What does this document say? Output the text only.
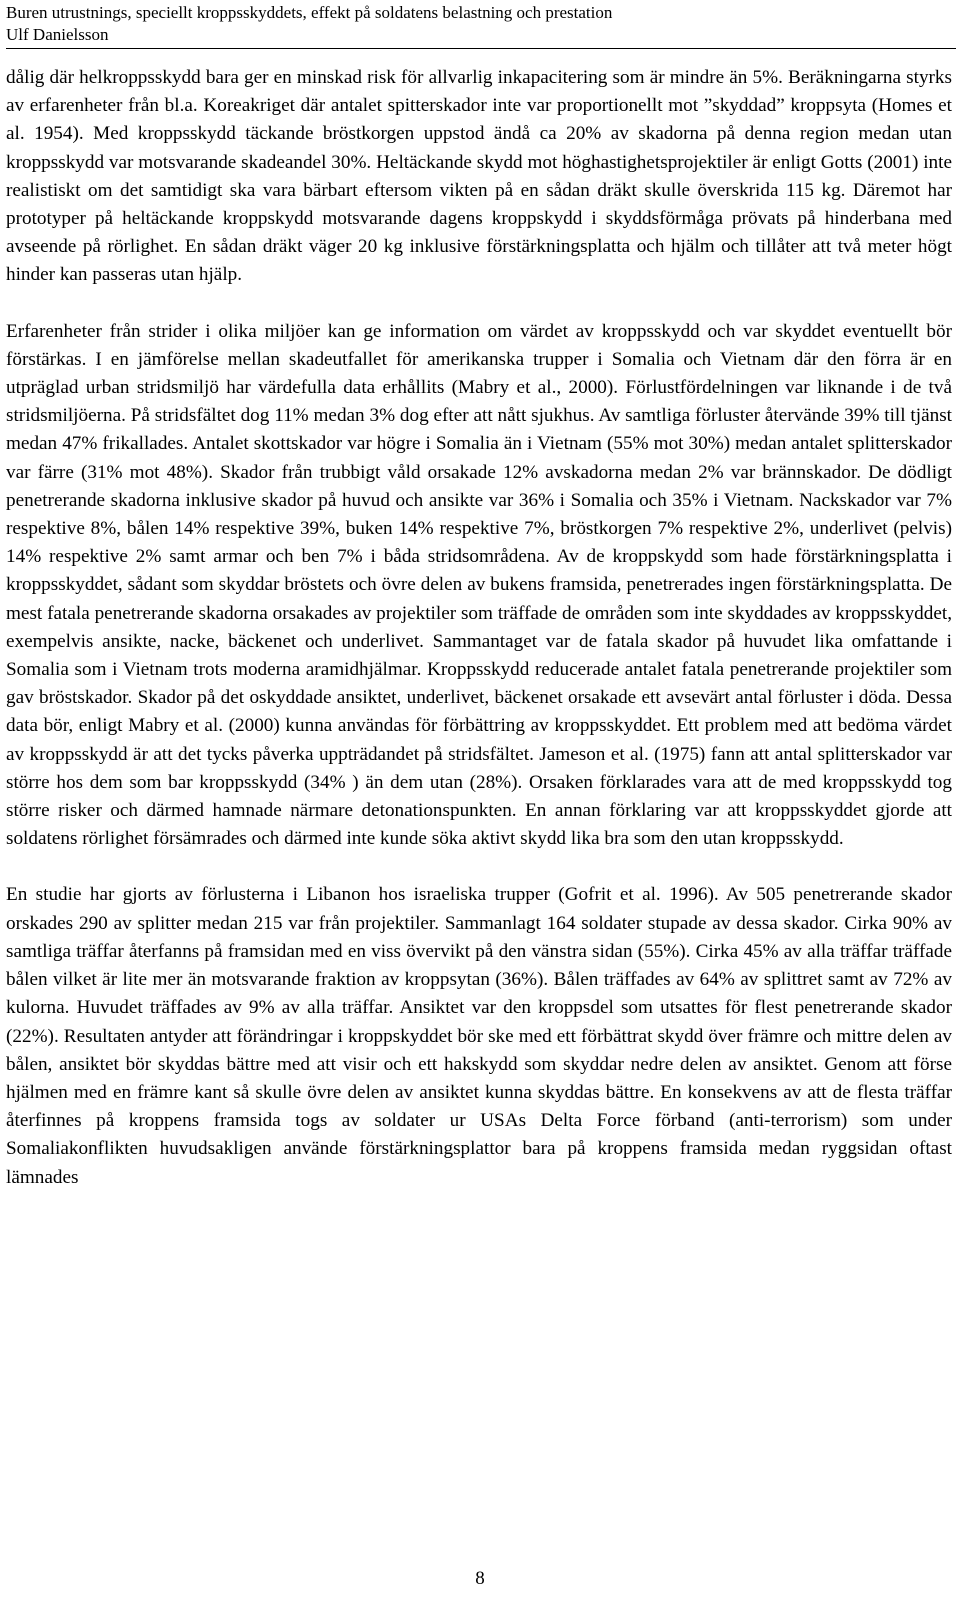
Buren utrustnings, speciellt kroppsskyddets, effekt på soldatens belastning och prestation
Ulf Danielsson

dålig där helkroppsskydd bara ger en minskad risk för allvarlig inkapacitering som är mindre än 5%. Beräkningarna styrks av erfarenheter från bl.a. Koreakriget där antalet spitterskador inte var proportionellt mot ”skyddad” kroppsyta (Homes et al. 1954). Med kroppsskydd täckande bröstkorgen uppstod ändå ca 20% av skadorna på denna region medan utan kroppsskydd var motsvarande skadeandel 30%. Heltäckande skydd mot höghastighetsprojektiler är enligt Gotts (2001) inte realistiskt om det samtidigt ska vara bärbart eftersom vikten på en sådan dräkt skulle överskrida 115 kg. Däremot har prototyper på heltäckande kroppskydd motsvarande dagens kroppskydd i skyddsförmåga prövats på hinderbana med avseende på rörlighet. En sådan dräkt väger 20 kg inklusive förstärkningsplatta och hjälm och tillåter att två meter högt hinder kan passeras utan hjälp.

Erfarenheter från strider i olika miljöer kan ge information om värdet av kroppsskydd och var skyddet eventuellt bör förstärkas. I en jämförelse mellan skadeutfallet för amerikanska trupper i Somalia och Vietnam där den förra är en utpräglad urban stridsmiljö har värdefulla data erhållits (Mabry et al., 2000). Förlustfördelningen var liknande i de två stridsmiljöerna. På stridsfältet dog 11% medan 3% dog efter att nått sjukhus. Av samtliga förluster återvände 39% till tjänst medan 47% frikallades. Antalet skottskador var högre i Somalia än i Vietnam (55% mot 30%) medan antalet splitterskador var färre (31% mot 48%). Skador från trubbigt våld orsakade 12% avskadorna medan 2% var brännskador. De dödligt penetrerande skadorna inklusive skador på huvud och ansikte var 36% i Somalia och 35% i Vietnam. Nackskador var 7% respektive 8%, bålen 14% respektive 39%, buken 14% respektive 7%, bröstkorgen 7% respektive 2%, underlivet (pelvis) 14% respektive 2% samt armar och ben 7% i båda stridsområdena. Av de kroppskydd som hade förstärkningsplatta i kroppsskyddet, sådant som skyddar bröstets och övre delen av bukens framsida, penetrerades ingen förstärkningsplatta. De mest fatala penetrerande skadorna orsakades av projektiler som träffade de områden som inte skyddades av kroppsskyddet, exempelvis ansikte, nacke, bäckenet och underlivet. Sammantaget var de fatala skador på huvudet lika omfattande i Somalia som i Vietnam trots moderna aramidhjälmar. Kroppsskydd reducerade antalet fatala penetrerande projektiler som gav bröstskador. Skador på det oskyddade ansiktet, underlivet, bäckenet orsakade ett avsevärt antal förluster i döda. Dessa data bör, enligt Mabry et al. (2000) kunna användas för förbättring av kroppsskyddet. Ett problem med att bedöma värdet av kroppsskydd är att det tycks påverka uppträdandet på stridsfältet. Jameson et al. (1975) fann att antal splitterskador var större hos dem som bar kroppsskydd (34% ) än dem utan (28%). Orsaken förklarades vara att de med kroppsskydd tog större risker och därmed hamnade närmare detonationspunkten. En annan förklaring var att kroppsskyddet gjorde att soldatens rörlighet försämrades och därmed inte kunde söka aktivt skydd lika bra som den utan kroppsskydd.

En studie har gjorts av förlusterna i Libanon hos israeliska trupper (Gofrit et al. 1996). Av 505 penetrerande skador orskades 290 av splitter medan 215 var från projektiler. Sammanlagt 164 soldater stupade av dessa skador. Cirka 90% av samtliga träffar återfanns på framsidan med en viss övervikt på den vänstra sidan (55%). Cirka 45% av alla träffar träffade bålen vilket är lite mer än motsvarande fraktion av kroppsytan (36%). Bålen träffades av 64% av splittret samt av 72% av kulorna. Huvudet träffades av 9% av alla träffar. Ansiktet var den kroppsdel som utsattes för flest penetrerande skador (22%). Resultaten antyder att förändringar i kroppskyddet bör ske med ett förbättrat skydd över främre och mittre delen av bålen, ansiktet bör skyddas bättre med att visir och ett hakskydd som skyddar nedre delen av ansiktet. Genom att förse hjälmen med en främre kant så skulle övre delen av ansiktet kunna skyddas bättre. En konsekvens av att de flesta träffar återfinnes på kroppens framsida togs av soldater ur USAs Delta Force förband (anti-terrorism) som under Somaliakonflikten huvudsakligen använde förstärkningsplattor bara på kroppens framsida medan ryggsidan oftast lämnades

8
